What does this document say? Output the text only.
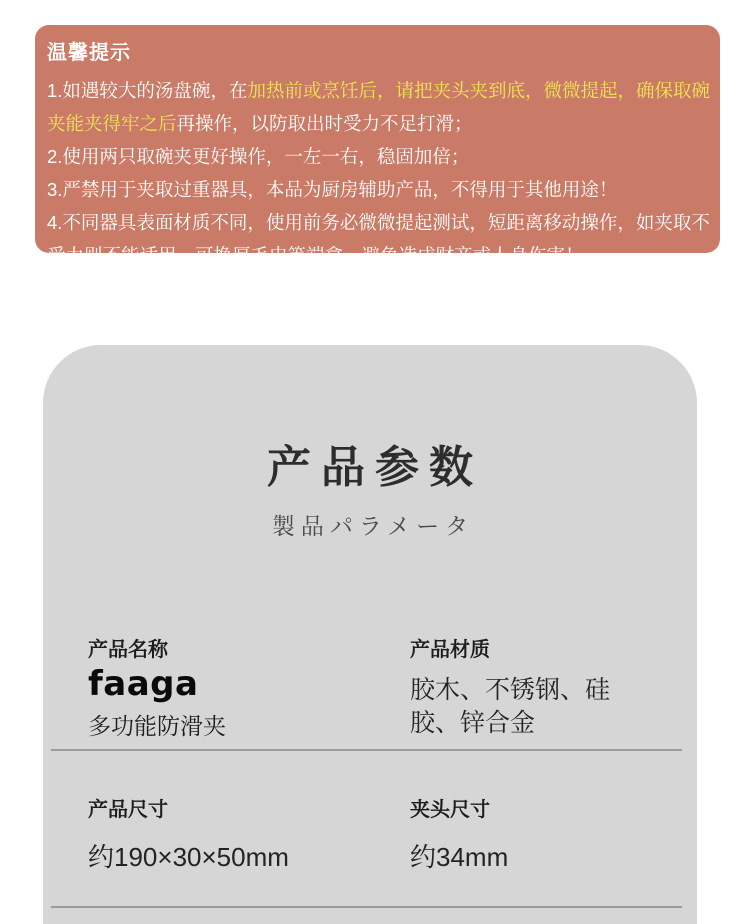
温馨提示

1.如遇较大的汤盘碗，在加热前或烹饪后，请把夹头夹到底，微微提起，确保取碗夹能夹得牢之后再操作，以防取出时受力不足打滑；

2.使用两只取碗夹更好操作，一左一右，稳固加倍；

3.严禁用于夹取过重器具，本品为厨房辅助产品，不得用于其他用途！

4.不同器具表面材质不同，使用前务必微微提起测试，短距离移动操作，如夹取不受力则不能适用，可换厚毛巾等端拿，避免造成财产或人身伤害！

产品参数
製品パラメータ
产品名称
faaga
多功能防滑夹
产品材质
胶木、不锈钢、硅胶、锌合金
产品尺寸
约190×30×50mm
夹头尺寸
约34mm
